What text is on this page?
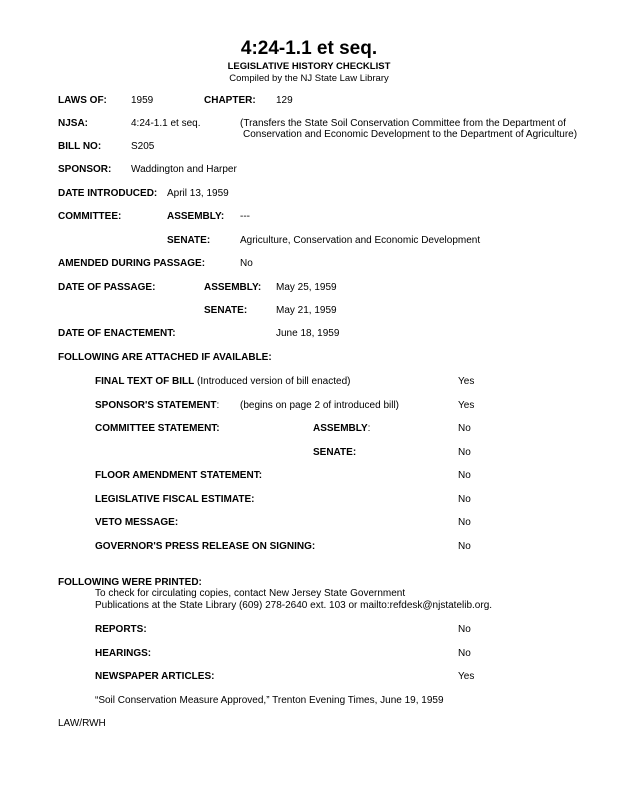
4:24-1.1 et seq.
LEGISLATIVE HISTORY CHECKLIST
Compiled by the NJ State Law Library
LAWS OF: 1959	CHAPTER: 129
NJSA:	4:24-1.1 et seq.	(Transfers the State Soil Conservation Committee from the Department of
Conservation and Economic Development to the Department of Agriculture)
BILL NO:	S205
SPONSOR: Waddington and Harper
DATE INTRODUCED: April 13, 1959
COMMITTEE:	ASSEMBLY: ---
SENATE:	Agriculture, Conservation and Economic Development
AMENDED DURING PASSAGE:	No
DATE OF PASSAGE:	ASSEMBLY: May 25, 1959
SENATE:	May 21, 1959
DATE OF ENACTEMENT:	June 18, 1959
FOLLOWING ARE ATTACHED IF AVAILABLE:
FINAL TEXT OF BILL (Introduced version of bill enacted)	Yes
SPONSOR'S STATEMENT: (begins on page 2 of introduced bill)	Yes
COMMITTEE STATEMENT:	ASSEMBLY:	No
SENATE:	No
FLOOR AMENDMENT STATEMENT:	No
LEGISLATIVE FISCAL ESTIMATE:	No
VETO MESSAGE:	No
GOVERNOR'S PRESS RELEASE ON SIGNING:	No
FOLLOWING WERE PRINTED:
To check for circulating copies, contact New Jersey State Government
Publications at the State Library (609) 278-2640 ext. 103 or mailto:refdesk@njstatelib.org.
REPORTS:	No
HEARINGS:	No
NEWSPAPER ARTICLES:	Yes
“Soil Conservation Measure Approved,” Trenton Evening Times, June 19, 1959
LAW/RWH
